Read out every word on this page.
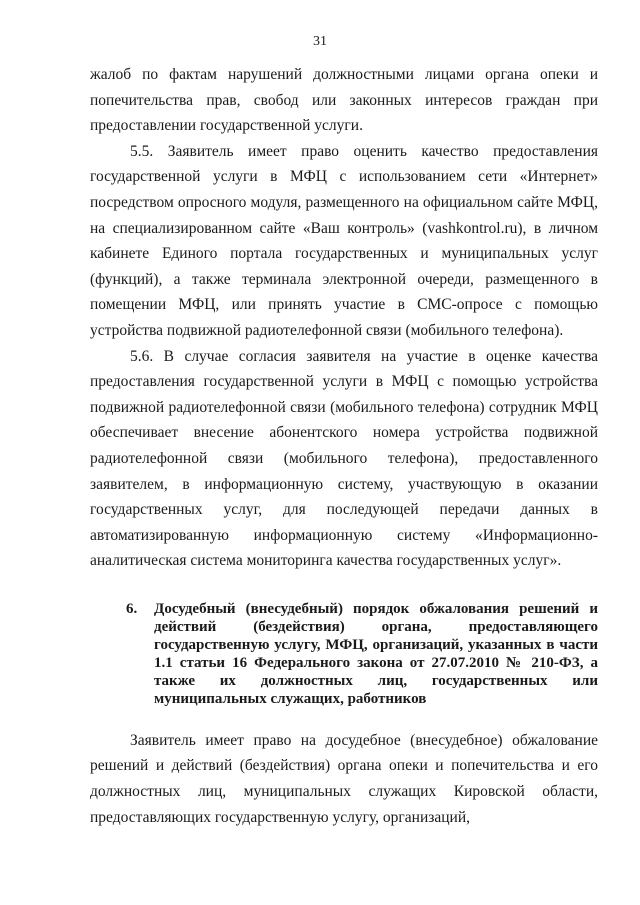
31

жалоб по фактам нарушений должностными лицами органа опеки и попечительства прав, свобод или законных интересов граждан при предоставлении государственной услуги.

5.5. Заявитель имеет право оценить качество предоставления государственной услуги в МФЦ с использованием сети «Интернет» посредством опросного модуля, размещенного на официальном сайте МФЦ, на специализированном сайте «Ваш контроль» (vashkontrol.ru), в личном кабинете Единого портала государственных и муниципальных услуг (функций), а также терминала электронной очереди, размещенного в помещении МФЦ, или принять участие в СМС-опросе с помощью устройства подвижной радиотелефонной связи (мобильного телефона).

5.6. В случае согласия заявителя на участие в оценке качества предоставления государственной услуги в МФЦ с помощью устройства подвижной радиотелефонной связи (мобильного телефона) сотрудник МФЦ обеспечивает внесение абонентского номера устройства подвижной радиотелефонной связи (мобильного телефона), предоставленного заявителем, в информационную систему, участвующую в оказании государственных услуг, для последующей передачи данных в автоматизированную информационную систему «Информационно-аналитическая система мониторинга качества государственных услуг».

6.	Досудебный (внесудебный) порядок обжалования решений и действий (бездействия) органа, предоставляющего государственную услугу, МФЦ, организаций, указанных в части 1.1 статьи 16 Федерального закона от 27.07.2010 № 210-ФЗ, а также их должностных лиц, государственных или муниципальных служащих, работников

Заявитель имеет право на досудебное (внесудебное) обжалование решений и действий (бездействия) органа опеки и попечительства и его должностных лиц, муниципальных служащих Кировской области, предоставляющих государственную услугу, организаций,
